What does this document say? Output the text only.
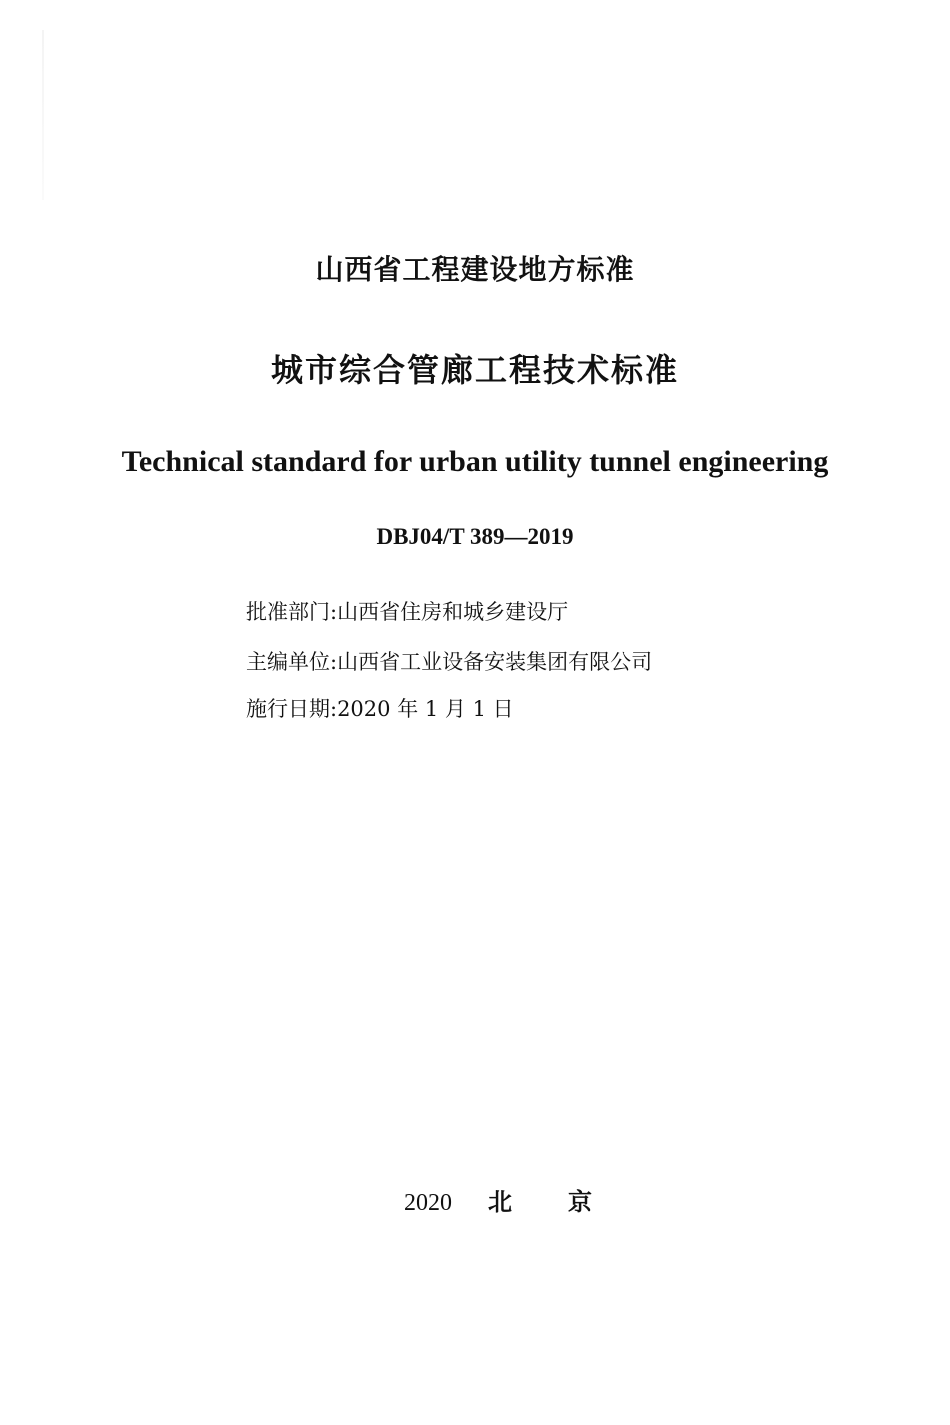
山西省工程建设地方标准
城市综合管廊工程技术标准
Technical standard for urban utility tunnel engineering
DBJ04/T 389—2019
批准部门:山西省住房和城乡建设厅
主编单位:山西省工业设备安装集团有限公司
施行日期:2020 年 1 月 1 日
2020 北 京
